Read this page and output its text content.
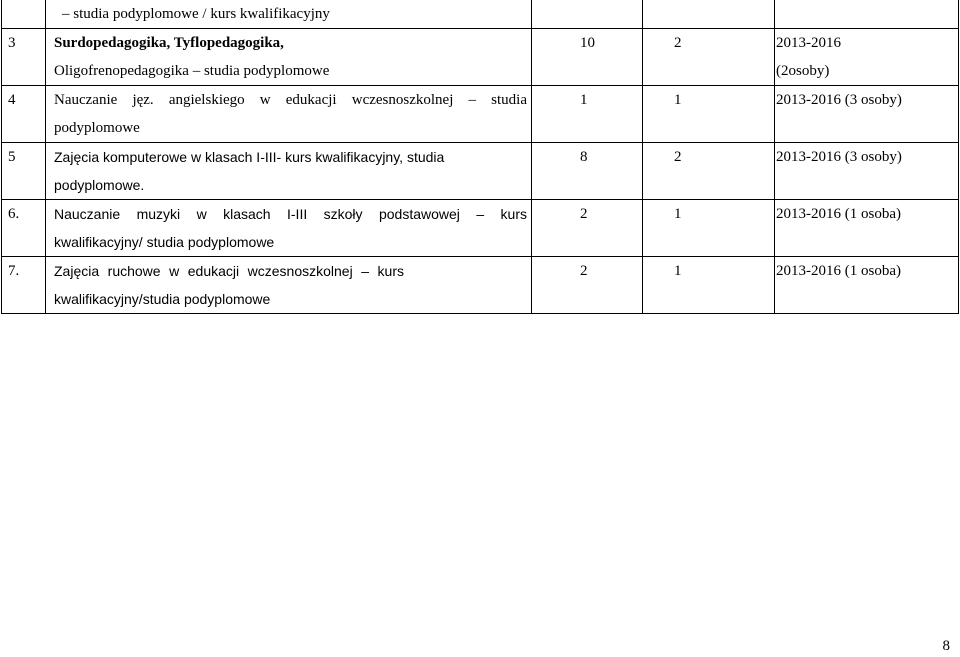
	– studia podyplomowe / kurs kwalifikacyjny			

3	Surdopedagogika, Tyflopedagogika,
Oligofrenopedagogika – studia podyplomowe	10	2	2013-2016
(2osoby)

4	Nauczanie jęz. angielskiego w edukacji wczesnoszkolnej – studia
podyplomowe	1	1	2013-2016 (3 osoby)

5	Zajęcia komputerowe w klasach I-III- kurs kwalifikacyjny, studia
podyplomowe.	8	2	2013-2016 (3 osoby)

6.	Nauczanie muzyki w klasach I-III szkoły podstawowej – kurs
kwalifikacyjny/ studia podyplomowe	2	1	2013-2016 (1 osoba)

7.	Zajęcia ruchowe w edukacji wczesnoszkolnej – kurs
kwalifikacyjny/studia podyplomowe	2	1	2013-2016 (1 osoba)
8
